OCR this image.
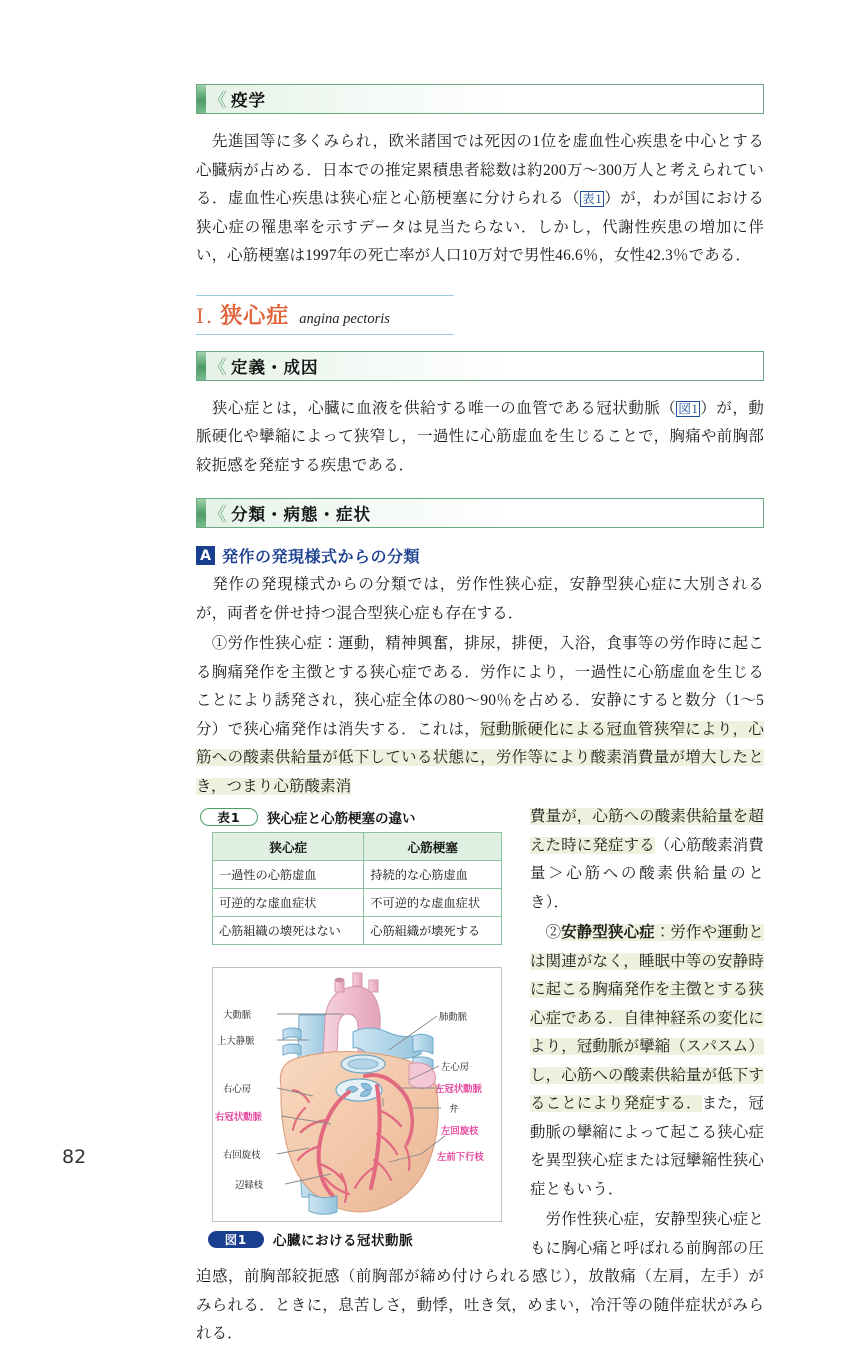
《 疫学

　先進国等に多くみられ，欧米諸国では死因の1位を虚血性心疾患を中心とする心臓病が占める．日本での推定累積患者総数は約200万〜300万人と考えられている．虚血性心疾患は狭心症と心筋梗塞に分けられる（ 表1 ）が，わが国における狭心症の罹患率を示すデータは見当たらない．しかし，代謝性疾患の増加に伴い，心筋梗塞は1997年の死亡率が人口10万対で男性46.6％，女性42.3％である．

Ⅰ. 狭心症 angina pectoris
《 定義・成因

　狭心症とは，心臓に血液を供給する唯一の血管である冠状動脈（ 図1 ）が，動脈硬化や攣縮によって狭窄し，一過性に心筋虚血を生じることで，胸痛や前胸部絞扼感を発症する疾患である．

《 分類・病態・症状
A 発作の発現様式からの分類

　発作の発現様式からの分類では，労作性狭心症，安静型狭心症に大別されるが，両者を併せ持つ混合型狭心症も存在する．

　①労作性狭心症：運動，精神興奮，排尿，排便，入浴，食事等の労作時に起こる胸痛発作を主徴とする狭心症である．労作により，一過性に心筋虚血を生じることにより誘発され，狭心症全体の80〜90％を占める．安静にすると数分（1〜5分）で狭心痛発作は消失する．これは，冠動脈硬化による冠血管狭窄により，心筋への酸素供給量が低下している状態に，労作等により酸素消費量が増大したとき，つまり心筋酸素消

表1	狭心症と心筋梗塞の違い
狭心症	心筋梗塞
一過性の心筋虚血	持続的な心筋虚血
可逆的な虚血症状	不可逆的な虚血症状
心筋組織の壊死はない	心筋組織が壊死する
大動脈
上大静脈
右心房
右冠状動脈
右回旋枝
辺縁枝
肺動脈
左心房
左冠状動脈
弁
左回旋枝
左前下行枝
図1	心臓における冠状動脈

費量が，心筋への酸素供給量を超えた時に発症する（心筋酸素消費量＞心筋への酸素供給量のとき）．

　②安静型狭心症：労作や運動とは関連がなく，睡眠中等の安静時に起こる胸痛発作を主徴とする狭心症である．自律神経系の変化により，冠動脈が攣縮（スパスム）し，心筋への酸素供給量が低下することにより発症する．また，冠動脈の攣縮によって起こる狭心症を異型狭心症または冠攣縮性狭心症ともいう．

　労作性狭心症，安静型狭心症ともに胸心痛と呼ばれる前胸部の圧迫感，前胸部絞扼感（前胸部が締め付けられる感じ），放散痛（左肩，左手）がみられる．ときに，息苦しさ，動悸，吐き気，めまい，冷汗等の随伴症状がみられる．

82
